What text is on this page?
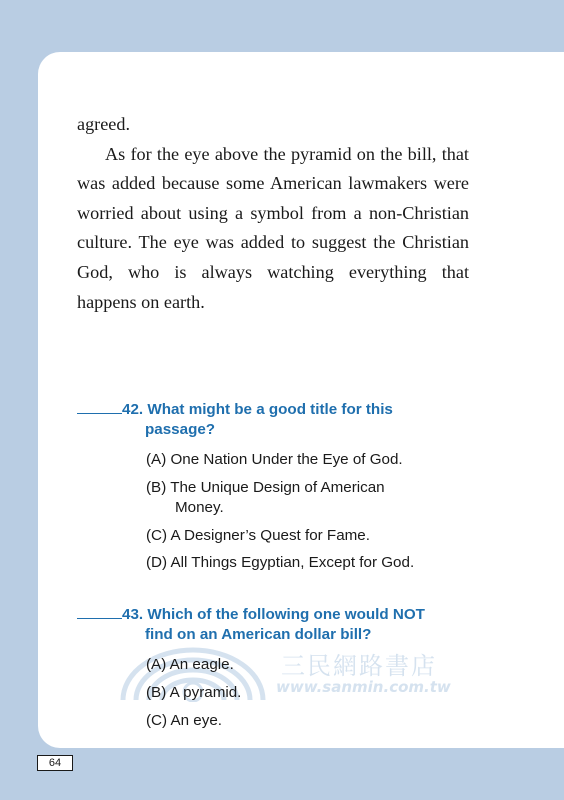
agreed.

As for the eye above the pyramid on the bill, that was added because some American lawmakers were worried about using a symbol from a non-Christian culture. The eye was added to suggest the Christian God, who is always watching everything that happens on earth.

三民網路書店
www.sanmin.com.tw
42. What might be a good title for this
passage?
(A) One Nation Under the Eye of God.
(B) The Unique Design of American
Money.
(C) A Designer’s Quest for Fame.
(D) All Things Egyptian, Except for God.
43. Which of the following one would NOT
find on an American dollar bill?
(A) An eagle.
(B) A pyramid.
(C) An eye.
64
